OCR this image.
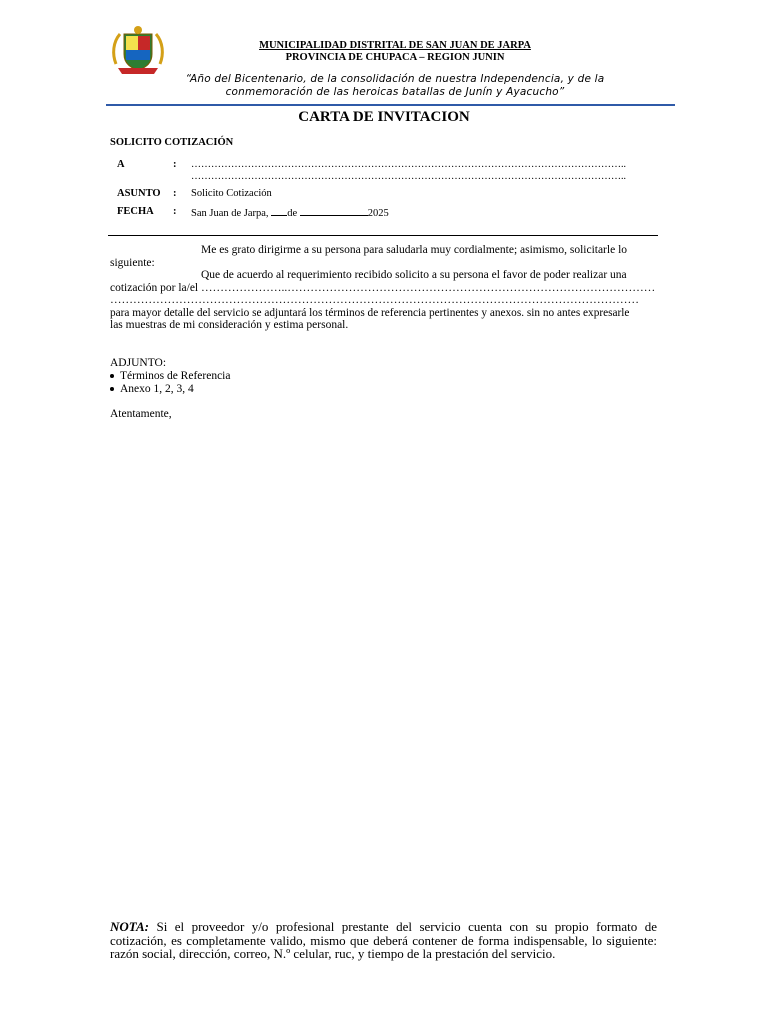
MUNICIPALIDAD DISTRITAL DE SAN JUAN DE JARPA
PROVINCIA DE CHUPACA – REGION JUNIN
“Año del Bicentenario, de la consolidación de nuestra Independencia, y de la
conmemoración de las heroicas batallas de Junín y Ayacucho”
CARTA DE INVITACION
SOLICITO COTIZACIÓN
A	: …………………………………………………………………………………………………………………..
…………………………………………………………………………………………………………………..
ASUNTO : Solicito Cotización
FECHA : San Juan de Jarpa, de	2025
Me es grato dirigirme a su persona para saludarla muy cordialmente; asimismo, solicitarle lo
siguiente:
Que de acuerdo al requerimiento recibido solicito a su persona el favor de poder realizar una
cotización por la/el …………………..……………………………………………………………………………………
…………………………………………………………………………………………………………………………
para mayor detalle del servicio se adjuntará los términos de referencia pertinentes y anexos. sin no antes expresarle
las muestras de mi consideración y estima personal.
ADJUNTO:
Términos de Referencia
Anexo 1, 2, 3, 4
Atentamente,
NOTA: Si el proveedor y/o profesional prestante del servicio cuenta con su propio formato de cotización, es completamente valido, mismo que deberá contener de forma indispensable, lo siguiente: razón social, dirección, correo, N.º celular, ruc, y tiempo de la prestación del servicio.
